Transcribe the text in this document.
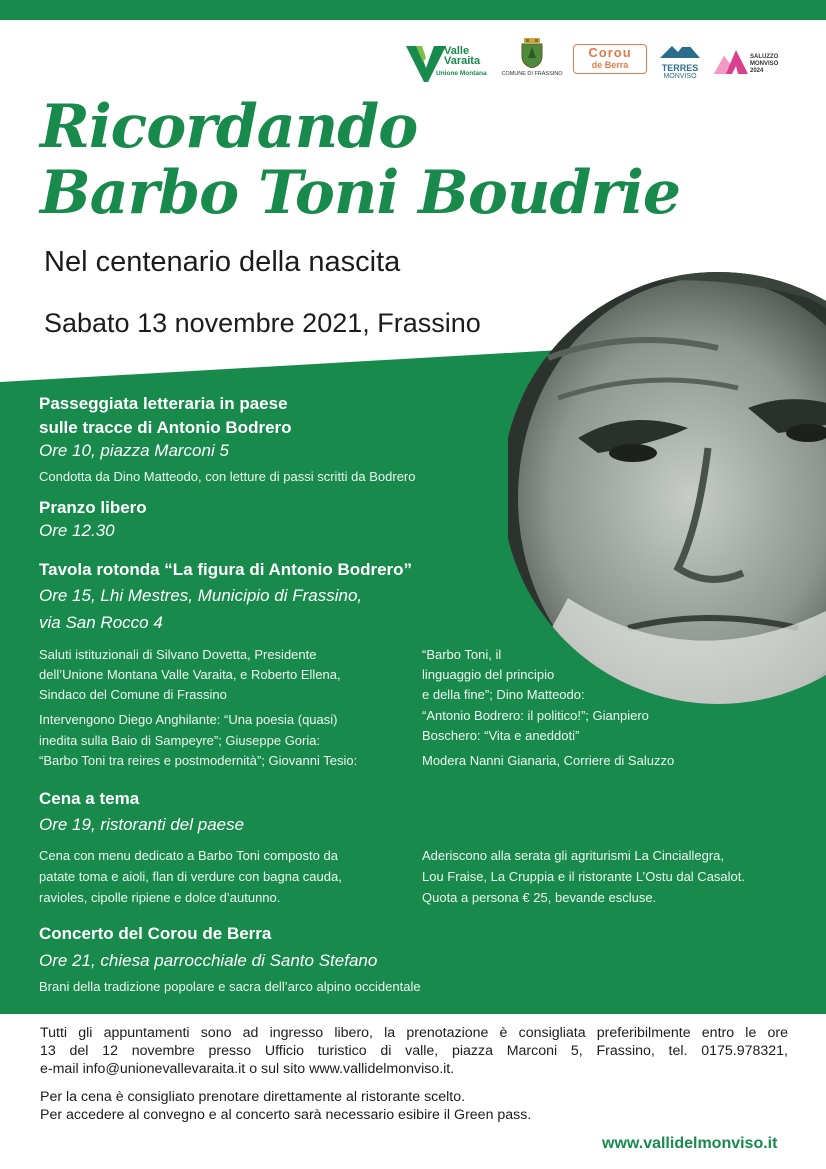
Valle
Varaita
Unione Montana	COMUNE DI FRASSINO
Corou
de Berra	TERRES
MONVISO
SALUZZO
MONVISO
2024
Ricordando
Barbo Toni Boudrie
Nel centenario della nascita
Sabato 13 novembre 2021, Frassino
Passeggiata letteraria in paese
sulle tracce di Antonio Bodrero
Ore 10, piazza Marconi 5
Condotta da Dino Matteodo, con letture di passi scritti da Bodrero
Pranzo libero
Ore 12.30
Tavola rotonda “La figura di Antonio Bodrero”
Ore 15, Lhi Mestres, Municipio di Frassino,
via San Rocco 4
Saluti istituzionali di Silvano Dovetta, Presidente
dell’Unione Montana Valle Varaita, e Roberto Ellena,
Sindaco del Comune di Frassino
Intervengono Diego Anghilante: “Una poesia (quasi)
inedita sulla Baio di Sampeyre”; Giuseppe Goria:
“Barbo Toni tra reires e postmodernità”; Giovanni Tesio:
“Barbo Toni, il
linguaggio del principio
e della fine”; Dino Matteodo:
“Antonio Bodrero: il politico!”; Gianpiero
Boschero: “Vita e aneddoti”
Modera Nanni Gianaria, Corriere di Saluzzo
Cena a tema
Ore 19, ristoranti del paese
Cena con menu dedicato a Barbo Toni composto da
patate toma e aioli, flan di verdure con bagna cauda,
ravioles, cipolle ripiene e dolce d’autunno.
Aderiscono alla serata gli agriturismi La Cinciallegra,
Lou Fraise, La Cruppia e il ristorante L’Ostu dal Casalot.
Quota a persona € 25, bevande escluse.
Concerto del Corou de Berra
Ore 21, chiesa parrocchiale di Santo Stefano
Brani della tradizione popolare e sacra dell’arco alpino occidentale
Tutti gli appuntamenti sono ad ingresso libero, la prenotazione è consigliata preferibilmente entro le ore
13 del 12 novembre presso Ufficio turistico di valle, piazza Marconi 5, Frassino, tel. 0175.978321,
e-mail info@unionevallevaraita.it o sul sito www.vallidelmonviso.it.
Per la cena è consigliato prenotare direttamente al ristorante scelto.
Per accedere al convegno e al concerto sarà necessario esibire il Green pass.
www.vallidelmonviso.it
